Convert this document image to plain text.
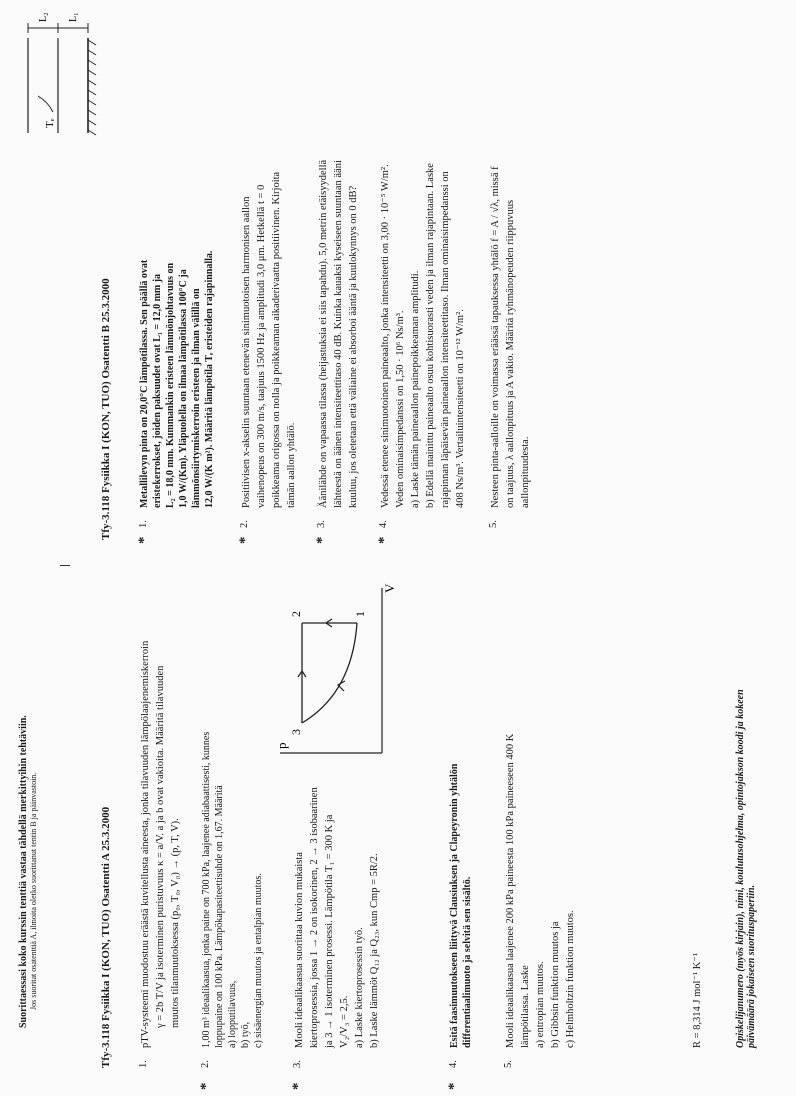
Suorittaessasi koko kurssin tenttiä vastaa tähdellä merkittyihin tehtäviin. Jos suoritat osatenttiä A, ilmoita oletko suorittanut tentin B ja päinvastoin.	Tfy-3.118 Fysiikka I (KON, TUO) Osatentti A 25.3.2000 1.

pTV-systeemi muodostuu eräästä kuvitellusta aineesta, jonka tilavuuden lämpölaajenemiskerroin γ = 2b T/V ja isoterminen puristuvuus κ = a/V. a ja b ovat vakioita. Määritä tilavuuden muutos tilanmuutoksessa (p₀, T₀, V₀) → (p, T, V).

*
2.

1,00 m³ ideaalikaasua, jonka paine on 700 kPa, laajenee adiabaattisesti, kunnes loppupaine on 100 kPa. Lämpökapasiteettisuhde on 1,67. Määritä a) lopputilavuus, b) työ, c) sisäenergian muutos ja entalpian muutos.

*
3.

Mooli ideaalikaasua suorittaa kuvion mukaista kiertoprosessia, jossa 1 → 2 on isokorinen, 2 → 3 isobaarinen ja 3 → 1 isoterminen prosessi. Lämpötila T₁ = 300 K ja V₂/V₃ = 2,5. a) Laske kiertoprosessin työ. b) Laske lämmöt Q₁₂ ja Q₂₃, kun Cmp = 5R/2.

p
V
1
2
3
*
4.

Esitä faasimuutokseen liittyvä Clausiuksen ja Clapeyronin yhtälön differentiaalimuoto ja selvitä sen sisältö.

5.

Mooli ideaalikaasua laajenee 200 kPa paineesta 100 kPa paineeseen 400 K lämpötilassa. Laske a) entropian muutos. b) Gibbsin funktion muutos ja c) Helmholtzin funktion muutos.	R = 8,314 J mol⁻¹ K⁻¹	Opiskelijanumero (myös kirjain), nimi, koulutusohjelma, opintojakson koodi ja kokeen päivämäärä jokaiseen suorituspaperiin.

Tfy-3.118 Fysiikka I (KON, TUO) Osatentti B 25.3.2000

*
1.

Metallilevyn pinta on 20,0°C lämpötilassa. Sen päällä ovat eristekerrokset, joiden paksuudet ovat L₁ = 12,0 mm ja L₂ = 18,0 mm. Kummankin eristeen lämmönjohtavuus on 1,0 W/(Km). Yläpuolella on ilmaa lämpötilassa 100°C ja lämmönsiirtymiskerroin eristeen ja ilman välillä on 12,0 W/(K m²). Määritä lämpötila Tₑ eristeiden rajapinnalla.

L₂ L₁
Tₑ
*
2.

Positiivisen x-akselin suuntaan etenevän sinimuotoisen harmonisen aallon vaihenopeus on 300 m/s, taajuus 1500 Hz ja amplitudi 3,0 μm. Hetkellä t = 0 poikkeama origossa on nolla ja poikkeaman aikaderivaatta positiivinen. Kirjoita tämän aallon yhtälö.

*
3.

Äänilähde on vapaassa tilassa (heijastuksia ei siis tapahdu). 5,0 metrin etäisyydellä lähteestä on äänen intensiteettitaso 40 dB. Kuinka kauaksi kyseiseen suuntaan ääni kuuluu, jos oletetaan että väliaine ei absorboi ääntä ja kuulokynnys on 0 dB?

*
4.

Vedessä etenee sinimuotoinen paineaalto, jonka intensiteetti on 3,00 · 10⁻⁵ W/m². Veden ominaisimpedanssi on 1,50 · 10⁶ Ns/m³. a) Laske tämän paineaallon painepoikkeaman amplitudi. b) Edellä mainittu paineaalto osuu kohtisuorasti veden ja ilman rajapintaan. Laske rajapinnan läpäisevän paineaallon intensiteettitaso. Ilman ominaisimpedanssi on 408 Ns/m³. Vertailuintensiteetti on 10⁻¹² W/m².

5.

Nesteen pinta-aalloille on voimassa eräässä tapauksessa yhtälö f = A / √λ, missä f on taajuus, λ aallonpituus ja A vakio. Määritä ryhmänopeuden riippuvuus aallonpituudesta.
